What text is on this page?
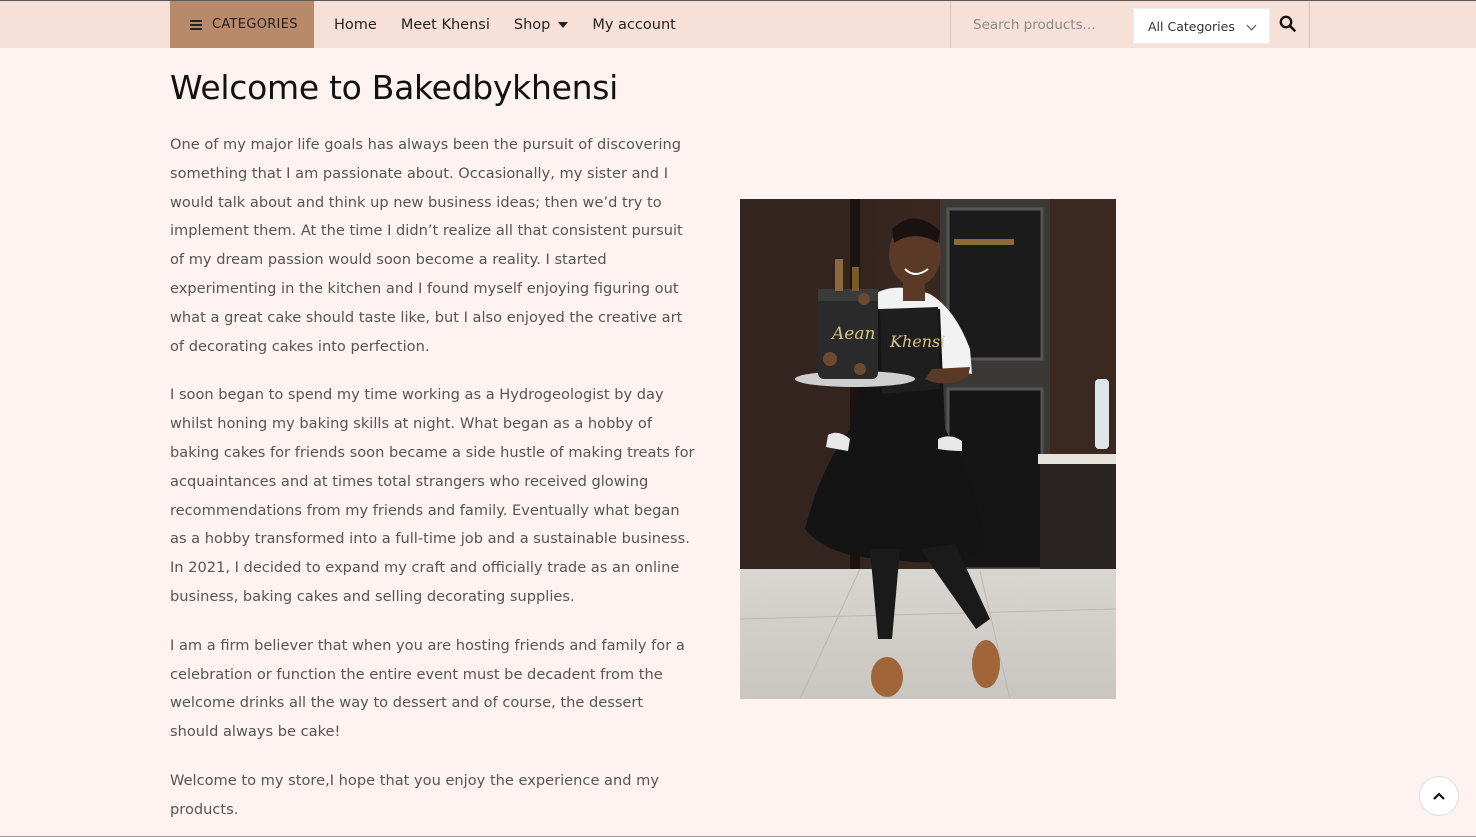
CATEGORIES Home Meet Khensi Shop	My account
Search products...	All Categories
Welcome to Bakedbykhensi

One of my major life goals has always been the pursuit of discovering something that I am passionate about. Occasionally, my sister and I would talk about and think up new business ideas; then we’d try to implement them. At the time I didn’t realize all that consistent pursuit of my dream passion would soon become a reality. I started experimenting in the kitchen and I found myself enjoying figuring out what a great cake should taste like, but I also enjoyed the creative art of decorating cakes into perfection.

I soon began to spend my time working as a Hydrogeologist by day whilst honing my baking skills at night. What began as a hobby of baking cakes for friends soon became a side hustle of making treats for acquaintances and at times total strangers who received glowing recommendations from my friends and family. Eventually what began as a hobby transformed into a full-time job and a sustainable business. In 2021, I decided to expand my craft and officially trade as an online business, baking cakes and selling decorating supplies.

I am a firm believer that when you are hosting friends and family for a celebration or function the entire event must be decadent from the welcome drinks all the way to dessert and of course, the dessert should always be cake!

Welcome to my store,I hope that you enjoy the experience and my products.

Aean Khensi
